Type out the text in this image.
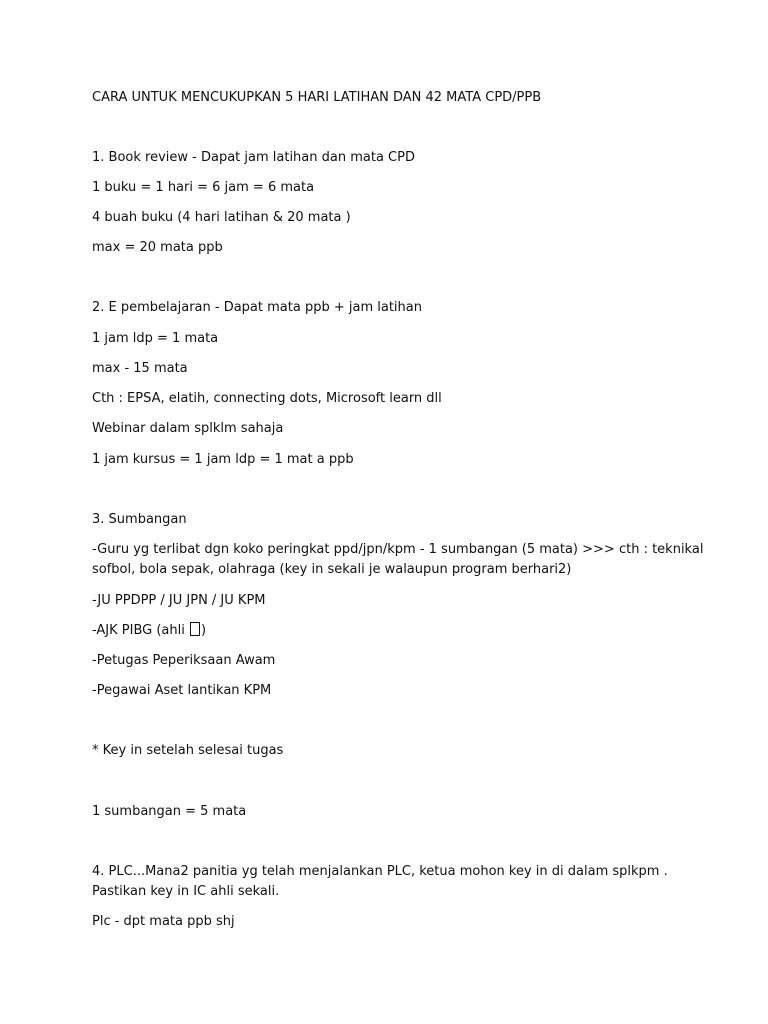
CARA UNTUK MENCUKUPKAN 5 HARI LATIHAN DAN 42 MATA CPD/PPB
1. Book review - Dapat jam latihan dan mata CPD
1 buku = 1 hari = 6 jam = 6 mata
4 buah buku (4 hari latihan & 20 mata )
max = 20 mata ppb
2. E pembelajaran - Dapat mata ppb + jam latihan
1 jam ldp = 1 mata
max - 15 mata
Cth : EPSA, elatih, connecting dots, Microsoft learn dll
Webinar dalam splklm sahaja
1 jam kursus = 1 jam ldp = 1 mat a ppb
3. Sumbangan
-Guru yg terlibat dgn koko peringkat ppd/jpn/kpm - 1 sumbangan (5 mata) >>> cth : teknikal
sofbol, bola sepak, olahraga (key in sekali je walaupun program berhari2)
-JU PPDPP / JU JPN / JU KPM
-AJK PIBG (ahli )
-Petugas Peperiksaan Awam
-Pegawai Aset lantikan KPM
* Key in setelah selesai tugas
1 sumbangan = 5 mata
4. PLC...Mana2 panitia yg telah menjalankan PLC, ketua mohon key in di dalam splkpm .
Pastikan key in IC ahli sekali.
Plc - dpt mata ppb shj
